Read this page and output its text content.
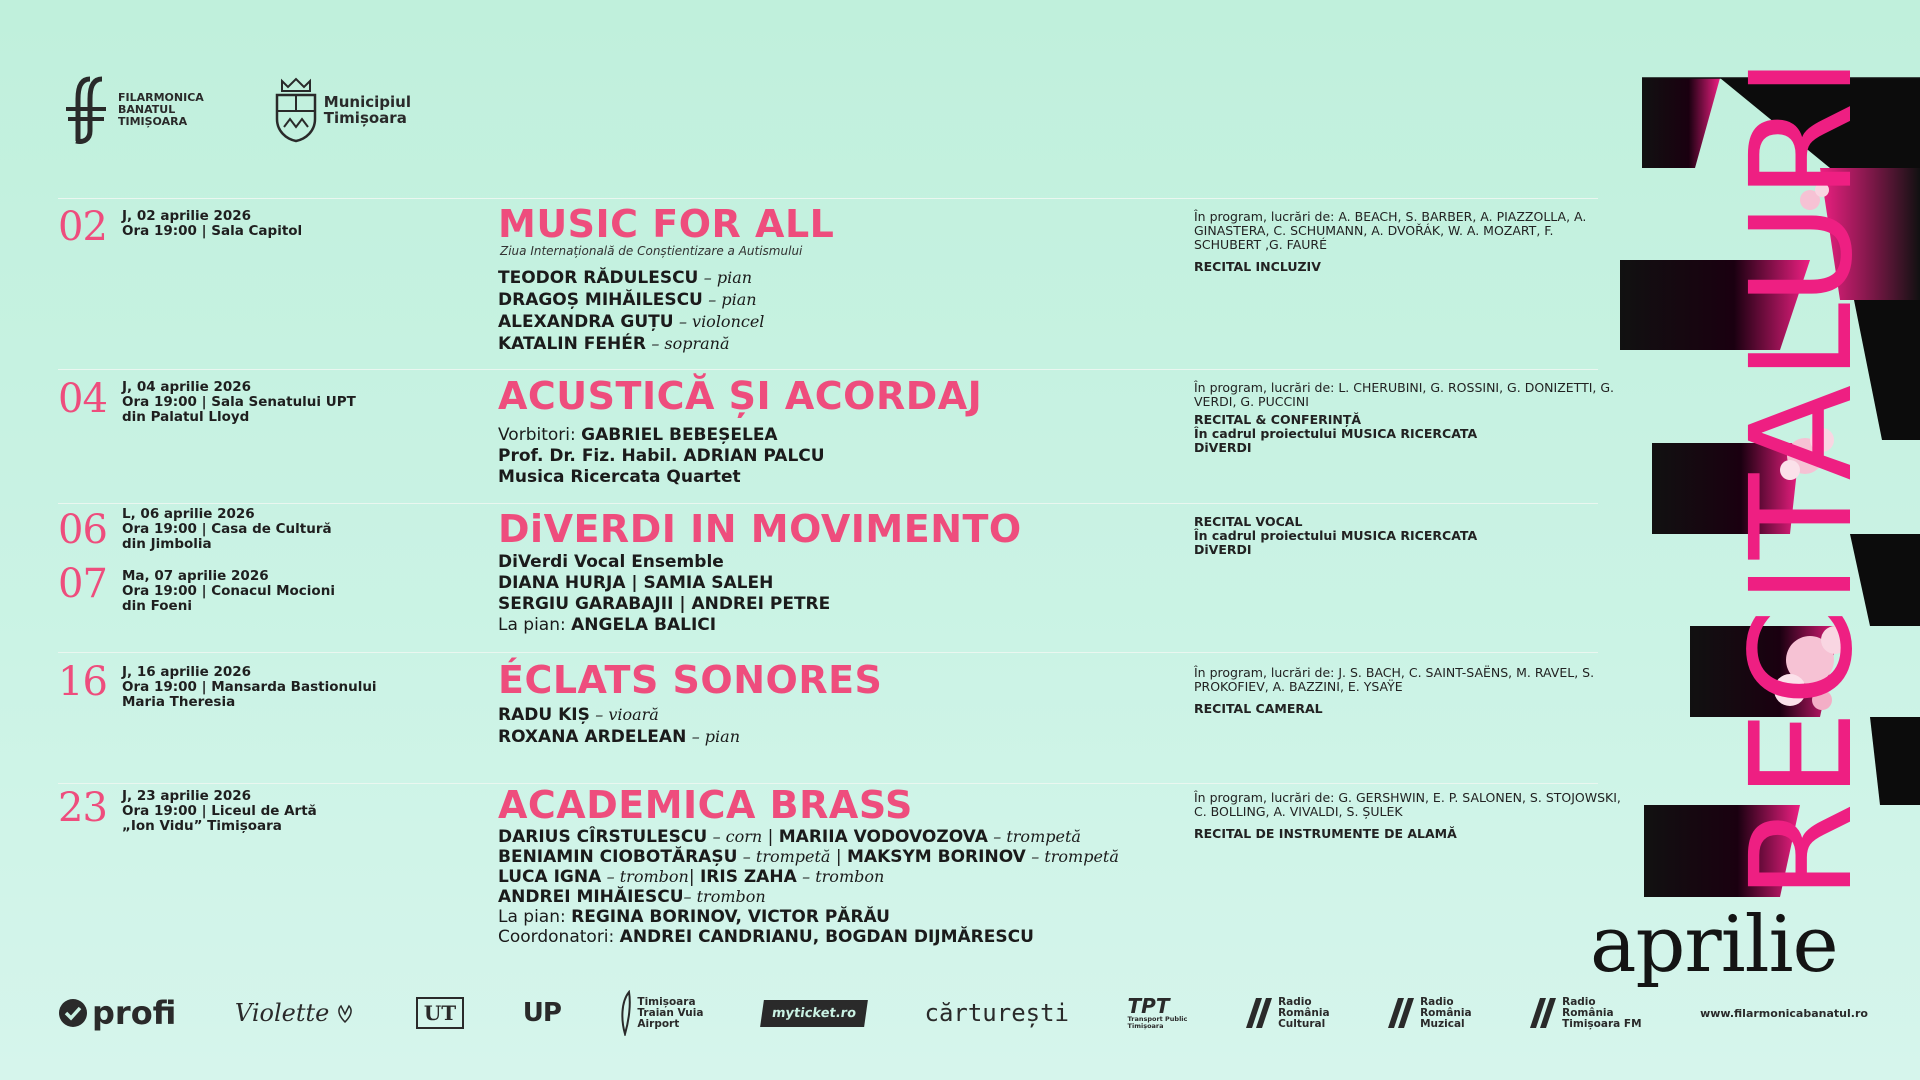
FILARMONICA
BANATUL
TIMIȘOARA
Municipiul
Timișoara
02 J, 02 aprilie 2026
Ora 19:00 | Sala Capitol	MUSIC FOR ALL
Ziua Internațională de Conștientizare a Autismului
TEODOR RĂDULESCU – pian
DRAGOȘ MIHĂILESCU – pian
ALEXANDRA GUȚU – violoncel
KATALIN FEHÉR – soprană
În program, lucrări de: A. BEACH, S. BARBER, A. PIAZZOLLA, A. GINASTERA, C. SCHUMANN, A. DVOŘÁK, W. A. MOZART, F. SCHUBERT ,G. FAURÉ
RECITAL INCLUZIV
04 J, 04 aprilie 2026
Ora 19:00 | Sala Senatului UPT
din Palatul Lloyd	ACUSTICĂ ȘI ACORDAJ
Vorbitori: GABRIEL BEBEȘELEA
Prof. Dr. Fiz. Habil. ADRIAN PALCU
Musica Ricercata Quartet
În program, lucrări de: L. CHERUBINI, G. ROSSINI, G. DONIZETTI, G. VERDI, G. PUCCINI
RECITAL & CONFERINȚĂ
În cadrul proiectului MUSICA RICERCATA
DiVERDI
06 L, 06 aprilie 2026
Ora 19:00 | Casa de Cultură
din Jimbolia
07 Ma, 07 aprilie 2026
Ora 19:00 | Conacul Mocioni
din Foeni
DiVERDI IN MOVIMENTO
DiVerdi Vocal Ensemble
DIANA HURJA | SAMIA SALEH
SERGIU GARABAJII | ANDREI PETRE
La pian: ANGELA BALICI
RECITAL VOCAL
În cadrul proiectului MUSICA RICERCATA
DiVERDI
16 J, 16 aprilie 2026
Ora 19:00 | Mansarda Bastionului
Maria Theresia	ÉCLATS SONORES
RADU KIȘ – vioară
ROXANA ARDELEAN – pian
În program, lucrări de: J. S. BACH, C. SAINT-SAËNS, M. RAVEL, S. PROKOFIEV, A. BAZZINI, E. YSAŸE
RECITAL CAMERAL
23 J, 23 aprilie 2026
Ora 19:00 | Liceul de Artă
„Ion Vidu” Timișoara	ACADEMICA BRASS
DARIUS CÎRSTULESCU – corn | MARIIA VODOVOZOVA – trompetă
BENIAMIN CIOBOTĂRAȘU – trompetă | MAKSYM BORINOV – trompetă
LUCA IGNA – trombon| IRIS ZAHA – trombon
ANDREI MIHĂIESCU– trombon
La pian: REGINA BORINOV, VICTOR PĂRĂU
Coordonatori: ANDREI CANDRIANU, BOGDAN DIJMĂRESCU
În program, lucrări de: G. GERSHWIN, E. P. SALONEN, S. STOJOWSKI, C. BOLLING, A. VIVALDI, S. ȘULEK
RECITAL DE INSTRUMENTE DE ALAMĂ	RECITALURI
aprilie
profi Violette	UT	UP	Timișoara
Traian Vuia
Airport
myticket.ro	cărturești	TPT
Transport Public Timișoara
Radio
România
Cultural
Radio
România
Muzical
Radio
România
Timișoara FM
www.filarmonicabanatul.ro
